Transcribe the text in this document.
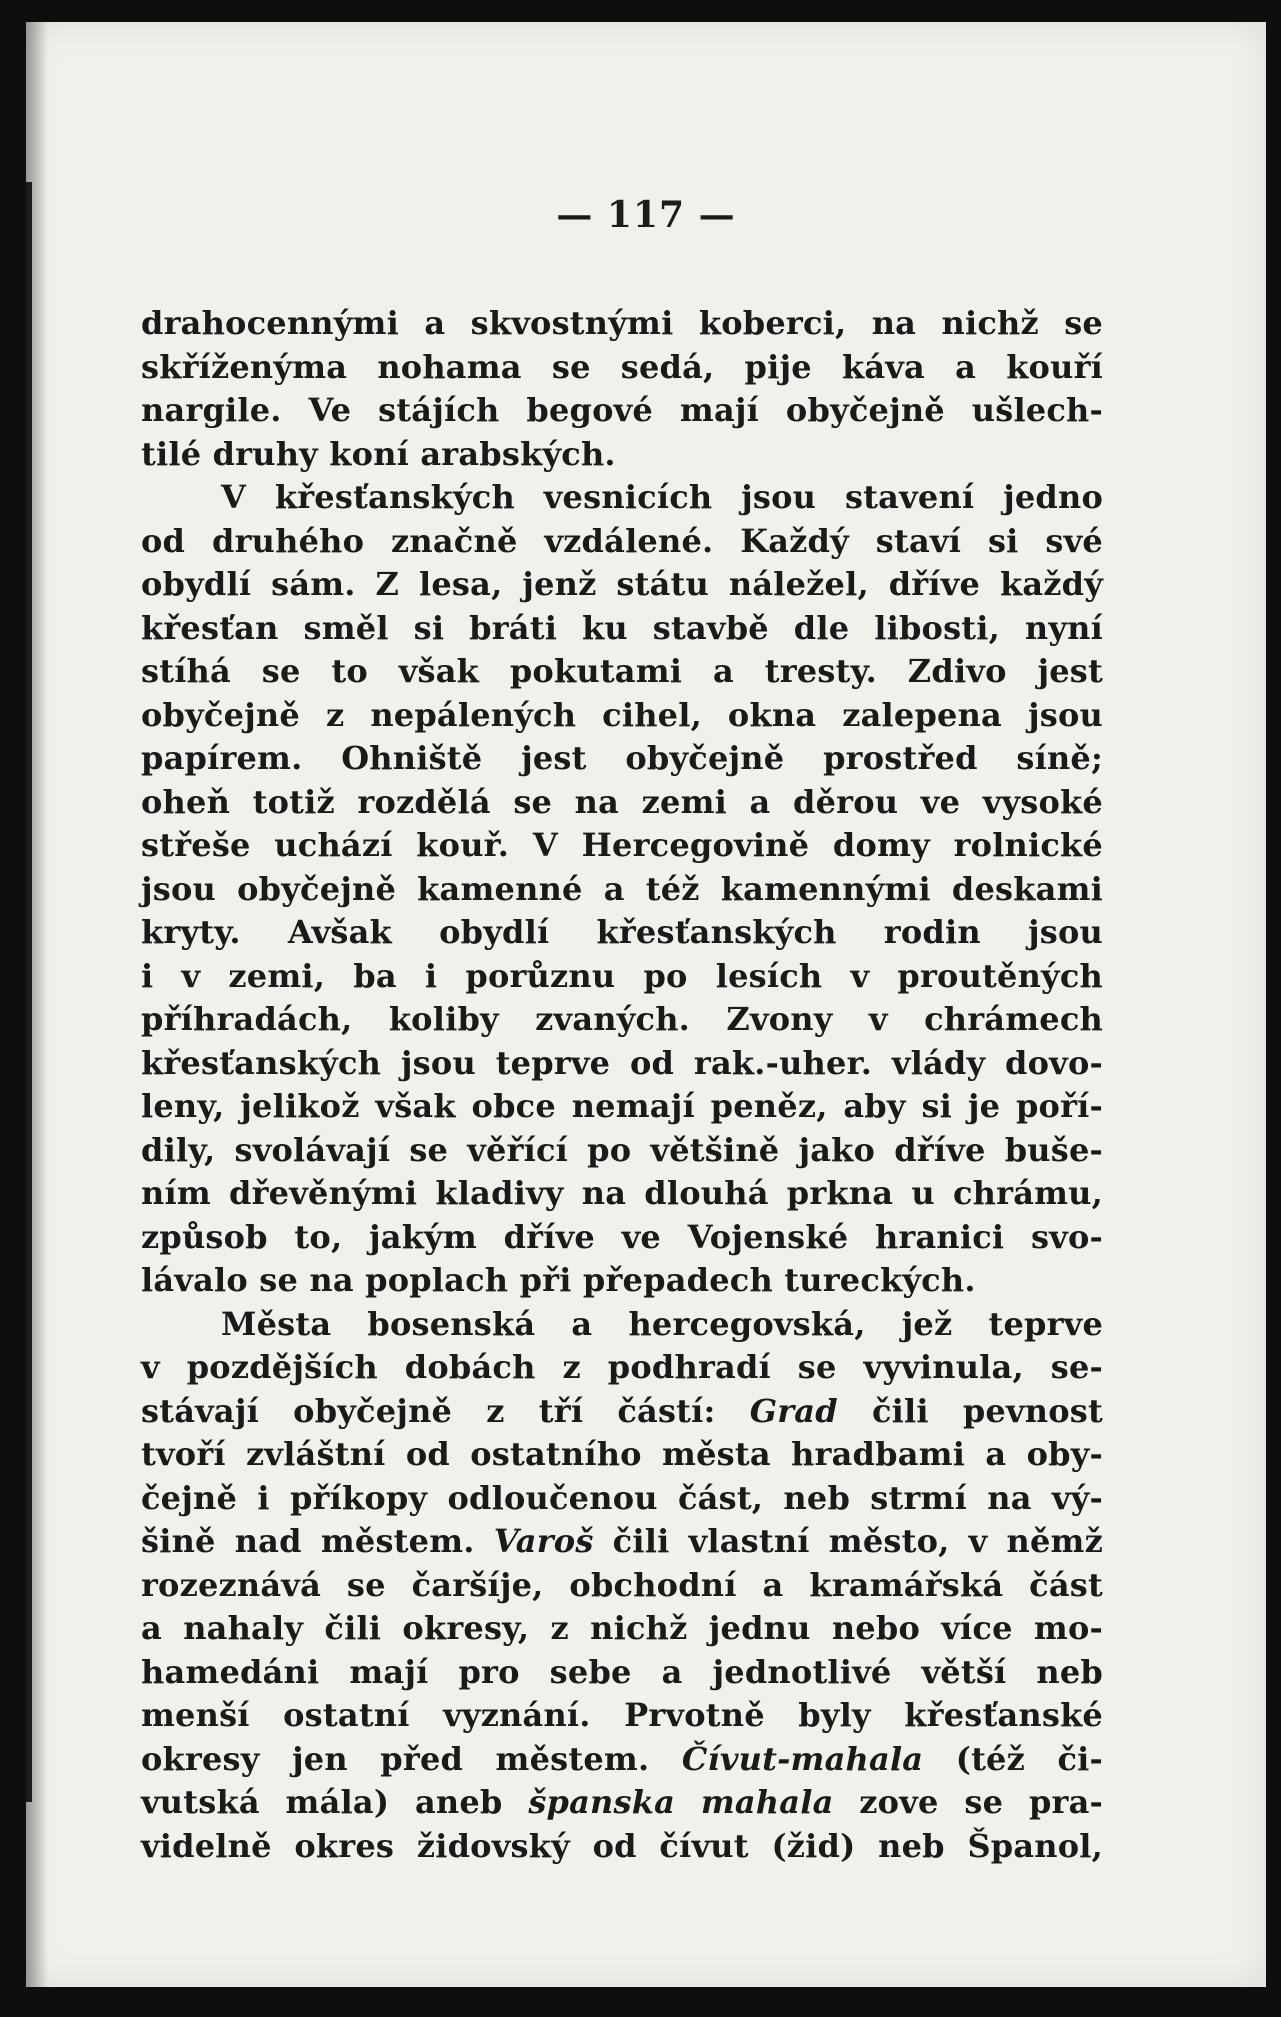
— 117 —
drahocennými a skvostnými koberci, na nichž se
skříženýma nohama se sedá, pije káva a kouří
nargile. Ve stájích begové mají obyčejně ušlech-
tilé druhy koní arabských.
V křesťanských vesnicích jsou stavení jedno
od druhého značně vzdálené. Každý staví si své
obydlí sám. Z lesa, jenž státu náležel, dříve každý
křesťan směl si bráti ku stavbě dle libosti, nyní
stíhá se to však pokutami a tresty. Zdivo jest
obyčejně z nepálených cihel, okna zalepena jsou
papírem. Ohniště jest obyčejně prostřed síně;
oheň totiž rozdělá se na zemi a děrou ve vysoké
střeše uchází kouř. V Hercegovině domy rolnické
jsou obyčejně kamenné a též kamennými deskami
kryty. Avšak obydlí křesťanských rodin jsou
i v zemi, ba i porůznu po lesích v proutěných
příhradách, koliby zvaných. Zvony v chrámech
křesťanských jsou teprve od rak.-uher. vlády dovo-
leny, jelikož však obce nemají peněz, aby si je poří-
dily, svolávají se věřící po většině jako dříve buše-
ním dřevěnými kladivy na dlouhá prkna u chrámu,
způsob to, jakým dříve ve Vojenské hranici svo-
lávalo se na poplach při přepadech tureckých.
Města bosenská a hercegovská, jež teprve
v pozdějších dobách z podhradí se vyvinula, se-
stávají obyčejně z tří částí: Grad čili pevnost
tvoří zvláštní od ostatního města hradbami a oby-
čejně i příkopy odloučenou část, neb strmí na vý-
šině nad městem. Varoš čili vlastní město, v němž
rozeznává se čaršíje, obchodní a kramářská část
a nahaly čili okresy, z nichž jednu nebo více mo-
hamedáni mají pro sebe a jednotlivé větší neb
menší ostatní vyznání. Prvotně byly křesťanské
okresy jen před městem. Čívut-mahala (též či-
vutská mála) aneb španska mahala zove se pra-
videlně okres židovský od čívut (žid) neb Španol,
